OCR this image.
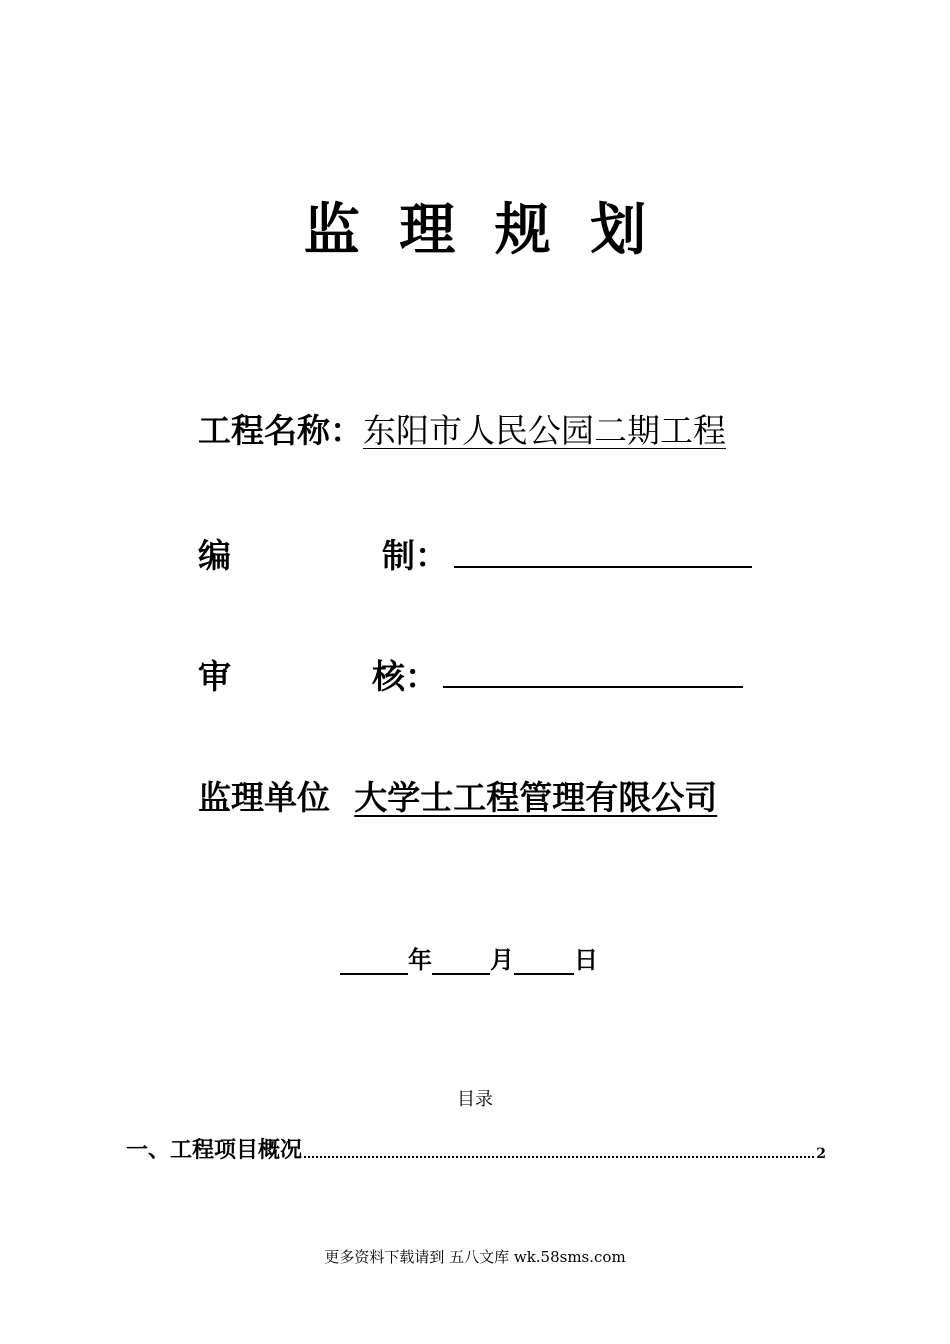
监 理 规 划
工程名称：东阳市人民公园二期工程
编	制：
审	核：
监理单位 大学士工程管理有限公司
年 月	日
目录
一、工程项目概况	2
更多资料下载请到 五八文库 wk.58sms.com
